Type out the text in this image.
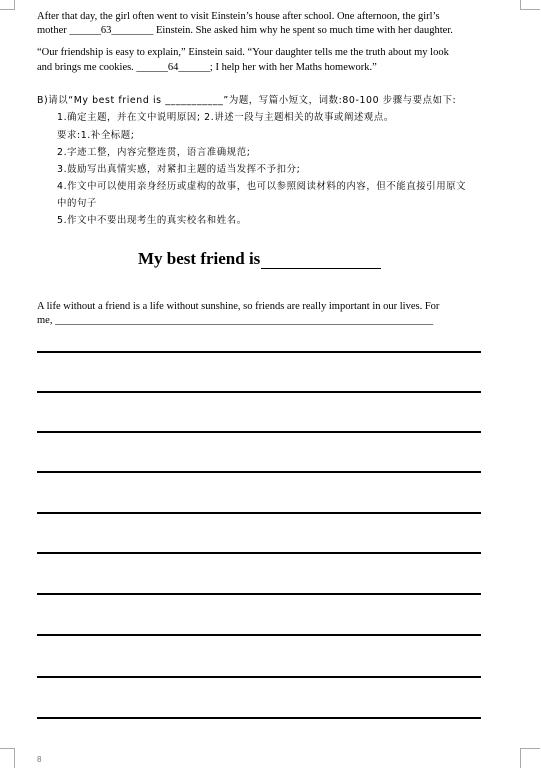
After that day, the girl often went to visit Einstein’s house after school. One afternoon, the girl’s
mother ______63________ Einstein. She asked him why he spent so much time with her daughter.
“Our friendship is easy to explain,” Einstein said. “Your daughter tells me the truth about my look
and brings me cookies. ______64______; I help her with her Maths homework.”
B)请以“My best friend is ___________”为题，写篇小短文，词数:80-100 步骤与要点如下:
1.确定主题，并在文中说明原因; 2.讲述一段与主题相关的故事或阐述观点。
要求:1.补全标题;
2.字迹工整，内容完整连贯，语言准确规范;
3.鼓励写出真情实感，对紧扣主题的适当发挥不予扣分;
4.作文中可以使用亲身经历或虚构的故事，也可以参照阅读材料的内容，但不能直接引用原文
中的句子
5.作文中不要出现考生的真实校名和姓名。
My best friend is
A life without a friend is a life without sunshine, so friends are really important in our lives. For
me, ________________________________________________________________________
8
